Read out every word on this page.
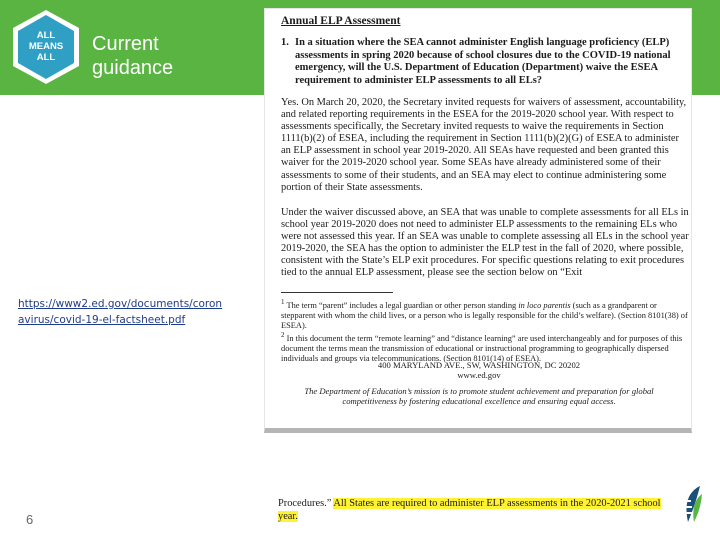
ALL
MEANS
ALL
Current
guidance
https://www2.ed.gov/documents/coronavirus/covid-19-el-factsheet.pdf
6
Annual ELP Assessment
1. In a situation where the SEA cannot administer English language proficiency (ELP) assessments in spring 2020 because of school closures due to the COVID-19 national emergency, will the U.S. Department of Education (Department) waive the ESEA requirement to administer ELP assessments to all ELs?
Yes. On March 20, 2020, the Secretary invited requests for waivers of assessment, accountability, and related reporting requirements in the ESEA for the 2019-2020 school year. With respect to assessments specifically, the Secretary invited requests to waive the requirements in Section 1111(b)(2) of ESEA, including the requirement in Section 1111(b)(2)(G) of ESEA to administer an ELP assessment in school year 2019-2020. All SEAs have requested and been granted this waiver for the 2019-2020 school year. Some SEAs have already administered some of their assessments to some of their students, and an SEA may elect to continue administering some portion of their State assessments.
Under the waiver discussed above, an SEA that was unable to complete assessments for all ELs in school year 2019-2020 does not need to administer ELP assessments to the remaining ELs who were not assessed this year. If an SEA was unable to complete assessing all ELs in the school year 2019-2020, the SEA has the option to administer the ELP test in the fall of 2020, where possible, consistent with the State’s ELP exit procedures. For specific questions relating to exit procedures tied to the annual ELP assessment, please see the section below on “Exit
$^1$ The term “parent” includes a legal guardian or other person standing in loco parentis (such as a grandparent or stepparent with whom the child lives, or a person who is legally responsible for the child’s welfare). (Section 8101(38) of ESEA).
$^2$ In this document the term “remote learning” and “distance learning” are used interchangeably and for purposes of this document the terms mean the transmission of educational or instructional programming to geographically dispersed individuals and groups via telecommunications. (Section 8101(14) of ESEA).
400 MARYLAND AVE., SW, WASHINGTON, DC 20202
www.ed.gov
The Department of Education’s mission is to promote student achievement and preparation for global competitiveness by fostering educational excellence and ensuring equal access.
Procedures.” All States are required to administer ELP assessments in the 2020-2021 school year.
